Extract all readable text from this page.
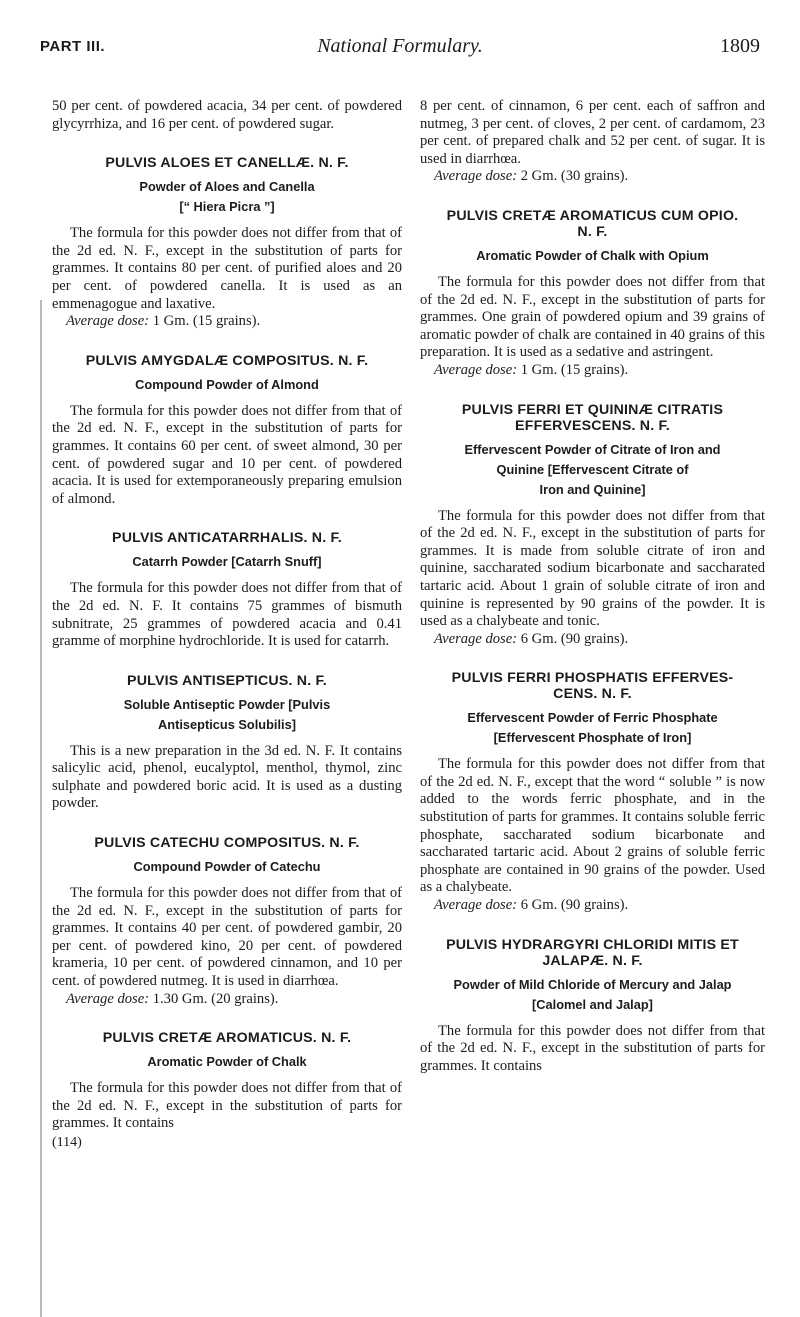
PART III.	National Formulary.	1809

50 per cent. of powdered acacia, 34 per cent. of powdered glycyrrhiza, and 16 per cent. of powdered sugar.

PULVIS ALOES ET CANELLÆ. N. F.
Powder of Aloes and Canella
[“ Hiera Picra ”]

The formula for this powder does not differ from that of the 2d ed. N. F., except in the substitution of parts for grammes. It contains 80 per cent. of purified aloes and 20 per cent. of powdered canella. It is used as an emmenagogue and laxative.

Average dose: 1 Gm. (15 grains).

PULVIS AMYGDALÆ COMPOSITUS. N. F.
Compound Powder of Almond

The formula for this powder does not differ from that of the 2d ed. N. F., except in the substitution of parts for grammes. It contains 60 per cent. of sweet almond, 30 per cent. of powdered sugar and 10 per cent. of powdered acacia. It is used for extemporaneously preparing emulsion of almond.

PULVIS ANTICATARRHALIS. N. F.
Catarrh Powder [Catarrh Snuff]

The formula for this powder does not differ from that of the 2d ed. N. F. It contains 75 grammes of bismuth subnitrate, 25 grammes of powdered acacia and 0.41 gramme of morphine hydrochloride. It is used for catarrh.

PULVIS ANTISEPTICUS. N. F.
Soluble Antiseptic Powder [Pulvis
Antisepticus Solubilis]

This is a new preparation in the 3d ed. N. F. It contains salicylic acid, phenol, eucalyptol, menthol, thymol, zinc sulphate and powdered boric acid. It is used as a dusting powder.

PULVIS CATECHU COMPOSITUS. N. F.
Compound Powder of Catechu

The formula for this powder does not differ from that of the 2d ed. N. F., except in the substitution of parts for grammes. It contains 40 per cent. of powdered gambir, 20 per cent. of powdered kino, 20 per cent. of powdered krameria, 10 per cent. of powdered cinnamon, and 10 per cent. of powdered nutmeg. It is used in diarrhœa.

Average dose: 1.30 Gm. (20 grains).

PULVIS CRETÆ AROMATICUS. N. F.
Aromatic Powder of Chalk

The formula for this powder does not differ from that of the 2d ed. N. F., except in the substitution of parts for grammes. It contains

(114)

8 per cent. of cinnamon, 6 per cent. each of saffron and nutmeg, 3 per cent. of cloves, 2 per cent. of cardamom, 23 per cent. of prepared chalk and 52 per cent. of sugar. It is used in diarrhœa.

Average dose: 2 Gm. (30 grains).

PULVIS CRETÆ AROMATICUS CUM OPIO.
N. F.
Aromatic Powder of Chalk with Opium

The formula for this powder does not differ from that of the 2d ed. N. F., except in the substitution of parts for grammes. One grain of powdered opium and 39 grains of aromatic powder of chalk are contained in 40 grains of this preparation. It is used as a sedative and astringent.

Average dose: 1 Gm. (15 grains).

PULVIS FERRI ET QUININÆ CITRATIS
EFFERVESCENS. N. F.
Effervescent Powder of Citrate of Iron and
Quinine [Effervescent Citrate of
Iron and Quinine]

The formula for this powder does not differ from that of the 2d ed. N. F., except in the substitution of parts for grammes. It is made from soluble citrate of iron and quinine, saccharated sodium bicarbonate and saccharated tartaric acid. About 1 grain of soluble citrate of iron and quinine is represented by 90 grains of the powder. It is used as a chalybeate and tonic.

Average dose: 6 Gm. (90 grains).

PULVIS FERRI PHOSPHATIS EFFERVES-
CENS. N. F.
Effervescent Powder of Ferric Phosphate
[Effervescent Phosphate of Iron]

The formula for this powder does not differ from that of the 2d ed. N. F., except that the word “ soluble ” is now added to the words ferric phosphate, and in the substitution of parts for grammes. It contains soluble ferric phosphate, saccharated sodium bicarbonate and saccharated tartaric acid. About 2 grains of soluble ferric phosphate are contained in 90 grains of the powder. Used as a chalybeate.

Average dose: 6 Gm. (90 grains).

PULVIS HYDRARGYRI CHLORIDI MITIS ET
JALAPÆ. N. F.
Powder of Mild Chloride of Mercury and Jalap
[Calomel and Jalap]

The formula for this powder does not differ from that of the 2d ed. N. F., except in the substitution of parts for grammes. It contains
